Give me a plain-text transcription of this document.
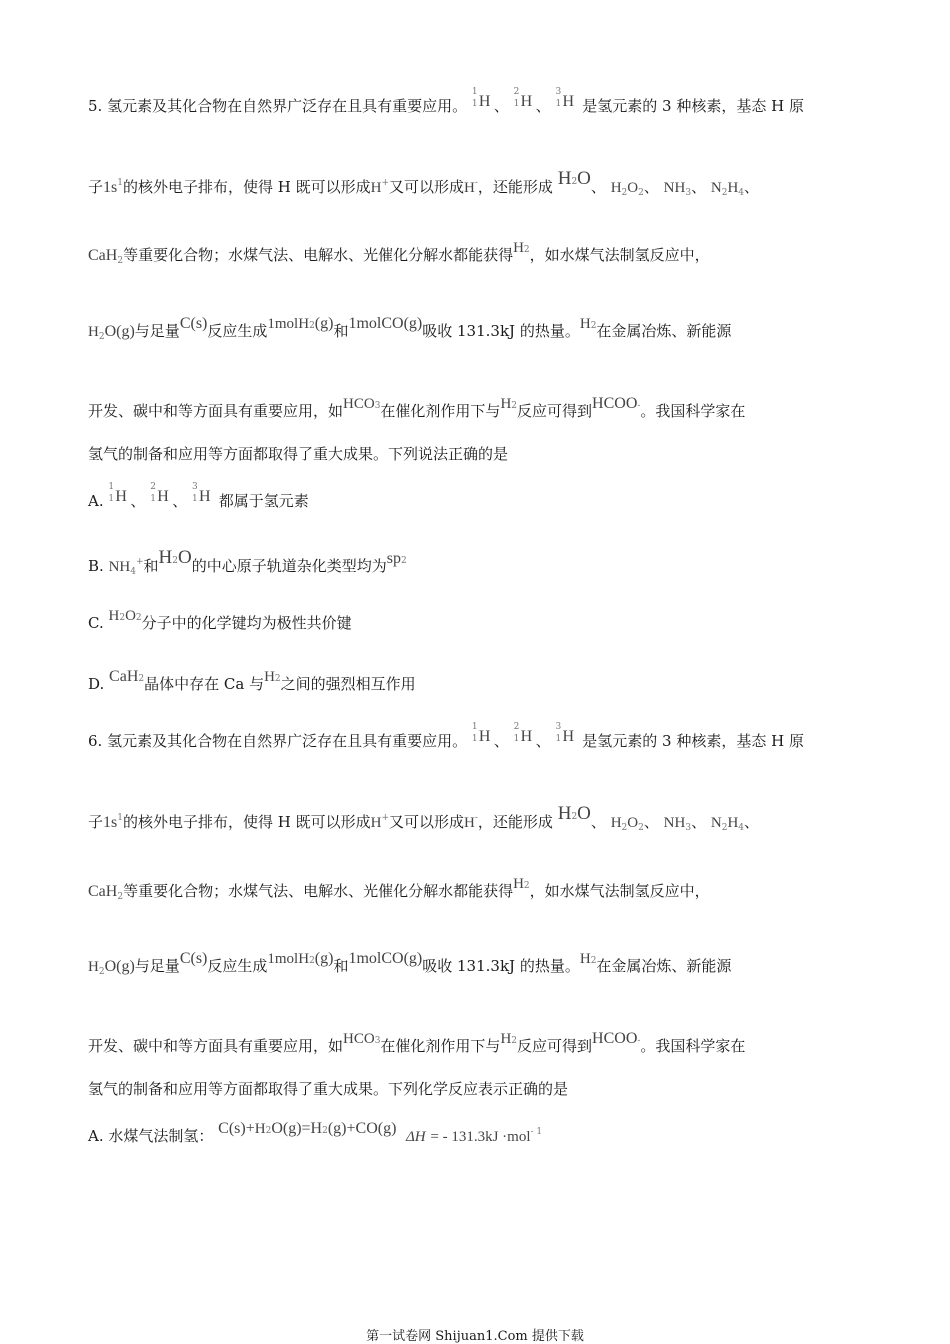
5. 氢元素及其化合物在自然界广泛存在且具有重要应用。
1
1 H 、
2
1 H 、
3
1 H 是氢元素的 3 种核素，基态 H 原
子$1s^1$的核外电子排布，使得 H 既可以形成H+又可以形成H-，还能形成 $H^2O$、 $H_2O_2$、 $NH_3$、 $N_2H_4$、
CaH$_2$等重要化合物；水煤气法、电解水、光催化分解水都能获得$H^2$，如水煤气法制氢反应中，
$H_2O(g)$与足量C(s)反应生成1molH$^2$(g)和1molCO(g)吸收 131.3kJ 的热量。$H^2$在金属冶炼、新能源
开发、碳中和等方面具有重要应用，如HCO$^3$在催化剂作用下与$H^2$反应可得到HCOO-。我国科学家在
氢气的制备和应用等方面都取得了重大成果。下列说法正确的是
A.
1
1 H 、
2
1 H 、
3
1 H 都属于氢元素
B. $NH_4^+$和$H^2O$的中心原子轨道杂化类型均为$sp^2$
C. $H^2O^2$分子中的化学键均为极性共价键
D. CaH$^2$晶体中存在 Ca 与$H^2$之间的强烈相互作用
6. 氢元素及其化合物在自然界广泛存在且具有重要应用。
1
1 H 、
2
1 H 、
3
1 H 是氢元素的 3 种核素，基态 H 原
子$1s^1$的核外电子排布，使得 H 既可以形成H+又可以形成H-，还能形成 $H^2O$、 $H_2O_2$、 $NH_3$、 $N_2H_4$、
CaH$_2$等重要化合物；水煤气法、电解水、光催化分解水都能获得$H^2$，如水煤气法制氢反应中，
$H_2O(g)$与足量C(s)反应生成1molH$^2$(g)和1molCO(g)吸收 131.3kJ 的热量。$H^2$在金属冶炼、新能源
开发、碳中和等方面具有重要应用，如HCO$^3$在催化剂作用下与$H^2$反应可得到HCOO-。我国科学家在
氢气的制备和应用等方面都取得了重大成果。下列化学反应表示正确的是
A. 水煤气法制氢： $C(s)+H^2O(g)=H^2(g)+CO(g) \Delta H$ = - 131.3kJ ·mol$^{- 1}$
第一试卷网 Shijuan1.Com 提供下载
